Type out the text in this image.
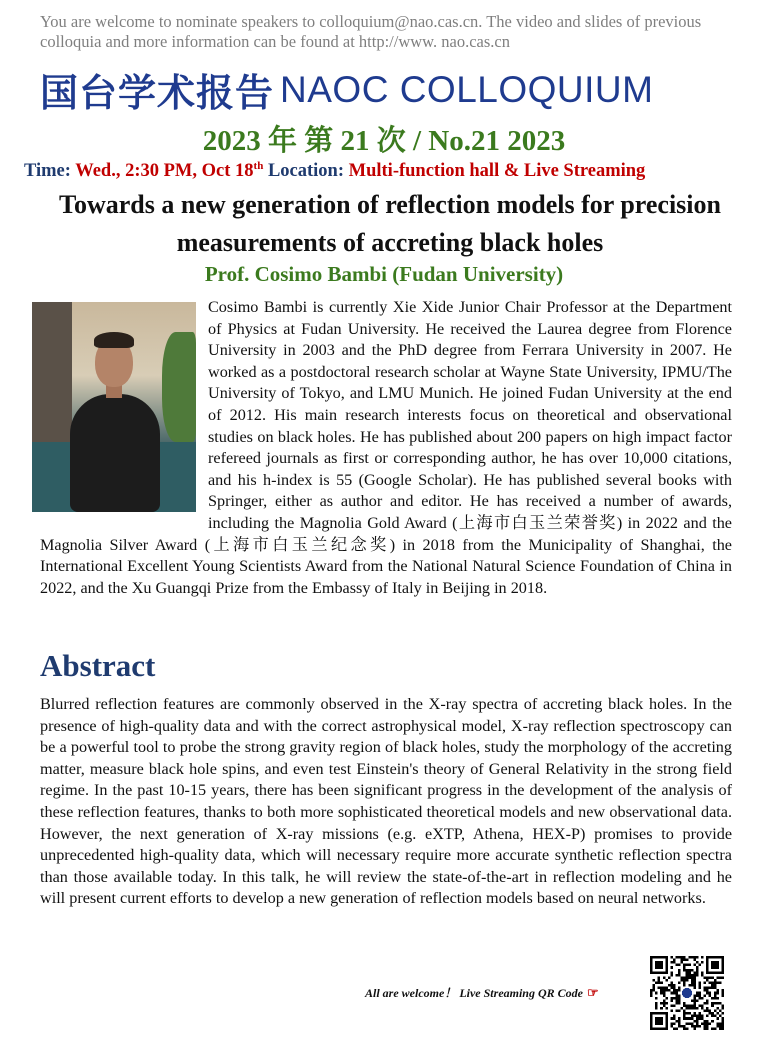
You are welcome to nominate speakers to colloquium@nao.cas.cn. The video and slides of previous colloquia and more information can be found at http://www. nao.cas.cn
国台学术报告 NAOC COLLOQUIUM
2023 年 第 21 次 / No.21 2023
Time: Wed., 2:30 PM, Oct 18th Location: Multi-function hall & Live Streaming
Towards a new generation of reflection models for precision measurements of accreting black holes
Prof. Cosimo Bambi (Fudan University)
Cosimo Bambi is currently Xie Xide Junior Chair Professor at the Department of Physics at Fudan University. He received the Laurea degree from Florence University in 2003 and the PhD degree from Ferrara University in 2007. He worked as a postdoctoral research scholar at Wayne State University, IPMU/The University of Tokyo, and LMU Munich. He joined Fudan University at the end of 2012. His main research interests focus on theoretical and observational studies on black holes. He has published about 200 papers on high impact factor refereed journals as first or corresponding author, he has over 10,000 citations, and his h-index is 55 (Google Scholar). He has published several books with Springer, either as author and editor. He has received a number of awards, including the Magnolia Gold Award (上海市白玉兰荣誉奖) in 2022 and the Magnolia Silver Award (上海市白玉兰纪念奖) in 2018 from the Municipality of Shanghai, the International Excellent Young Scientists Award from the National Natural Science Foundation of China in 2022, and the Xu Guangqi Prize from the Embassy of Italy in Beijing in 2018.
Abstract
Blurred reflection features are commonly observed in the X-ray spectra of accreting black holes. In the presence of high-quality data and with the correct astrophysical model, X-ray reflection spectroscopy can be a powerful tool to probe the strong gravity region of black holes, study the morphology of the accreting matter, measure black hole spins, and even test Einstein's theory of General Relativity in the strong field regime. In the past 10-15 years, there has been significant progress in the development of the analysis of these reflection features, thanks to both more sophisticated theoretical models and new observational data. However, the next generation of X-ray missions (e.g. eXTP, Athena, HEX-P) promises to provide unprecedented high-quality data, which will necessary require more accurate synthetic reflection spectra than those available today. In this talk, he will review the state-of-the-art in reflection modeling and he will present current efforts to develop a new generation of reflection models based on neural networks.
All are welcome！ Live Streaming QR Code ☞
